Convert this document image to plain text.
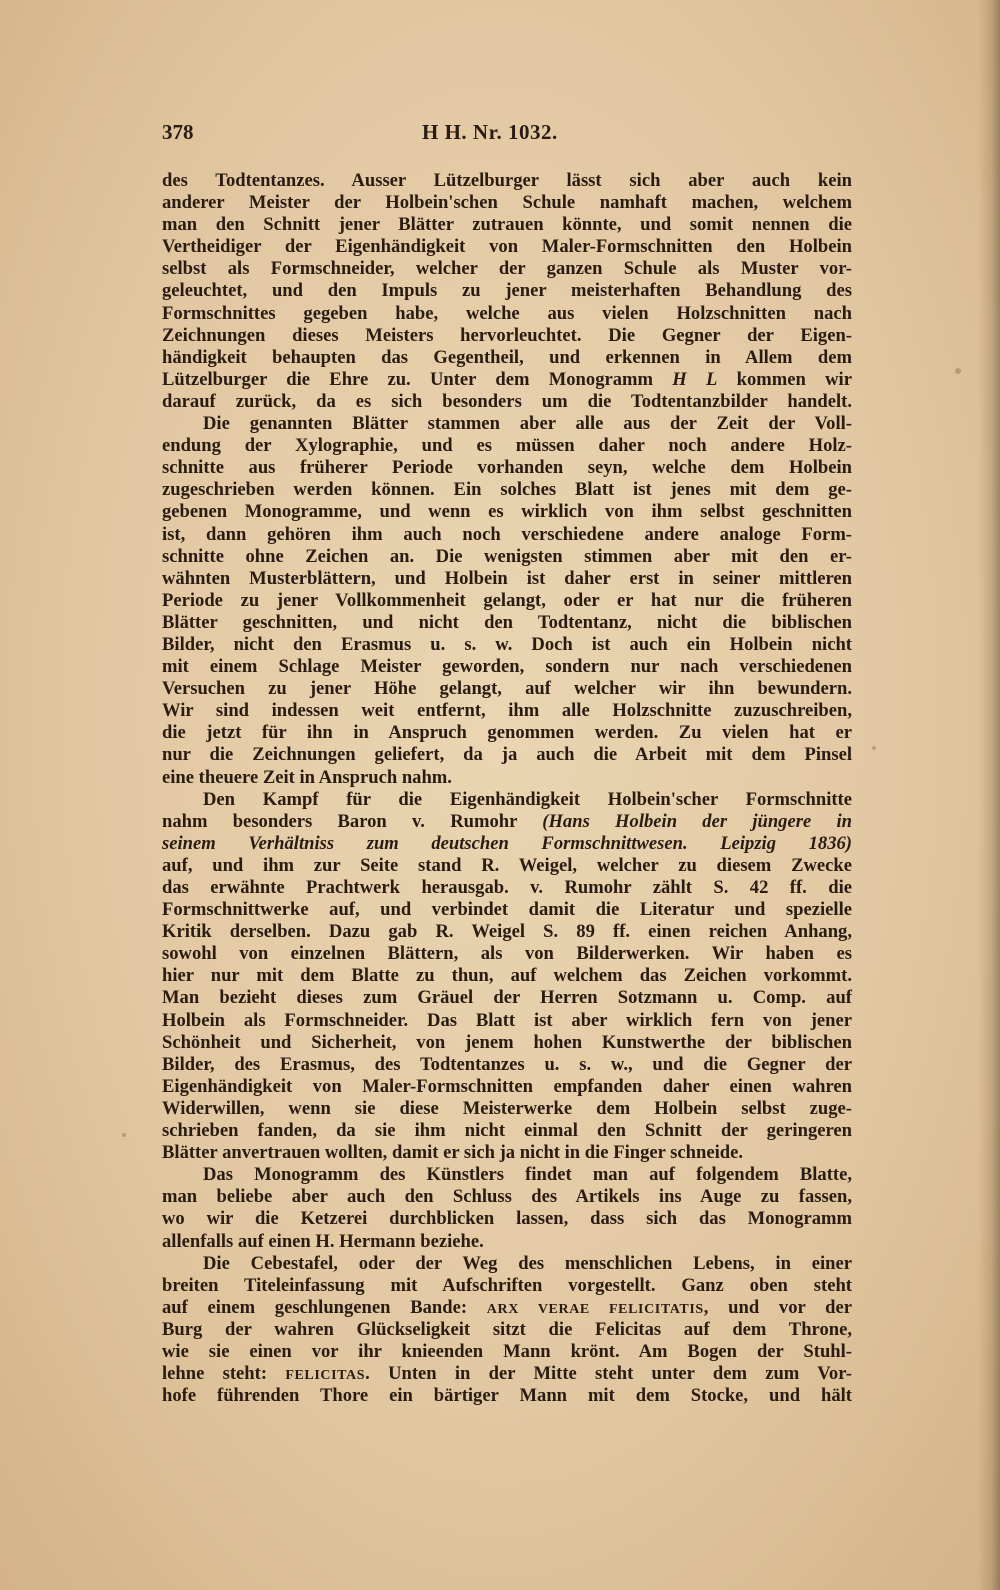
378	H H. Nr. 1032.
des Todtentanzes. Ausser Lützelburger lässt sich aber auch kein
anderer Meister der Holbein'schen Schule namhaft machen, welchem
man den Schnitt jener Blätter zutrauen könnte, und somit nennen die
Vertheidiger der Eigenhändigkeit von Maler-Formschnitten den Holbein
selbst als Formschneider, welcher der ganzen Schule als Muster vor-
geleuchtet, und den Impuls zu jener meisterhaften Behandlung des
Formschnittes gegeben habe, welche aus vielen Holzschnitten nach
Zeichnungen dieses Meisters hervorleuchtet. Die Gegner der Eigen-
händigkeit behaupten das Gegentheil, und erkennen in Allem dem
Lützelburger die Ehre zu. Unter dem Monogramm H L kommen wir
darauf zurück, da es sich besonders um die Todtentanzbilder handelt.
Die genannten Blätter stammen aber alle aus der Zeit der Voll-
endung der Xylographie, und es müssen daher noch andere Holz-
schnitte aus früherer Periode vorhanden seyn, welche dem Holbein
zugeschrieben werden können. Ein solches Blatt ist jenes mit dem ge-
gebenen Monogramme, und wenn es wirklich von ihm selbst geschnitten
ist, dann gehören ihm auch noch verschiedene andere analoge Form-
schnitte ohne Zeichen an. Die wenigsten stimmen aber mit den er-
wähnten Musterblättern, und Holbein ist daher erst in seiner mittleren
Periode zu jener Vollkommenheit gelangt, oder er hat nur die früheren
Blätter geschnitten, und nicht den Todtentanz, nicht die biblischen
Bilder, nicht den Erasmus u. s. w. Doch ist auch ein Holbein nicht
mit einem Schlage Meister geworden, sondern nur nach verschiedenen
Versuchen zu jener Höhe gelangt, auf welcher wir ihn bewundern.
Wir sind indessen weit entfernt, ihm alle Holzschnitte zuzuschreiben,
die jetzt für ihn in Anspruch genommen werden. Zu vielen hat er
nur die Zeichnungen geliefert, da ja auch die Arbeit mit dem Pinsel
eine theuere Zeit in Anspruch nahm.
Den Kampf für die Eigenhändigkeit Holbein'scher Formschnitte
nahm besonders Baron v. Rumohr (Hans Holbein der jüngere in
seinem Verhältniss zum deutschen Formschnittwesen. Leipzig 1836)
auf, und ihm zur Seite stand R. Weigel, welcher zu diesem Zwecke
das erwähnte Prachtwerk herausgab. v. Rumohr zählt S. 42 ff. die
Formschnittwerke auf, und verbindet damit die Literatur und spezielle
Kritik derselben. Dazu gab R. Weigel S. 89 ff. einen reichen Anhang,
sowohl von einzelnen Blättern, als von Bilderwerken. Wir haben es
hier nur mit dem Blatte zu thun, auf welchem das Zeichen vorkommt.
Man bezieht dieses zum Gräuel der Herren Sotzmann u. Comp. auf
Holbein als Formschneider. Das Blatt ist aber wirklich fern von jener
Schönheit und Sicherheit, von jenem hohen Kunstwerthe der biblischen
Bilder, des Erasmus, des Todtentanzes u. s. w., und die Gegner der
Eigenhändigkeit von Maler-Formschnitten empfanden daher einen wahren
Widerwillen, wenn sie diese Meisterwerke dem Holbein selbst zuge-
schrieben fanden, da sie ihm nicht einmal den Schnitt der geringeren
Blätter anvertrauen wollten, damit er sich ja nicht in die Finger schneide.
Das Monogramm des Künstlers findet man auf folgendem Blatte,
man beliebe aber auch den Schluss des Artikels ins Auge zu fassen,
wo wir die Ketzerei durchblicken lassen, dass sich das Monogramm
allenfalls auf einen H. Hermann beziehe.
Die Cebestafel, oder der Weg des menschlichen Lebens, in einer
breiten Titeleinfassung mit Aufschriften vorgestellt. Ganz oben steht
auf einem geschlungenen Bande: ARX VERAE FELICITATIS, und vor der
Burg der wahren Glückseligkeit sitzt die Felicitas auf dem Throne,
wie sie einen vor ihr knieenden Mann krönt. Am Bogen der Stuhl-
lehne steht: FELICITAS. Unten in der Mitte steht unter dem zum Vor-
hofe führenden Thore ein bärtiger Mann mit dem Stocke, und hält
